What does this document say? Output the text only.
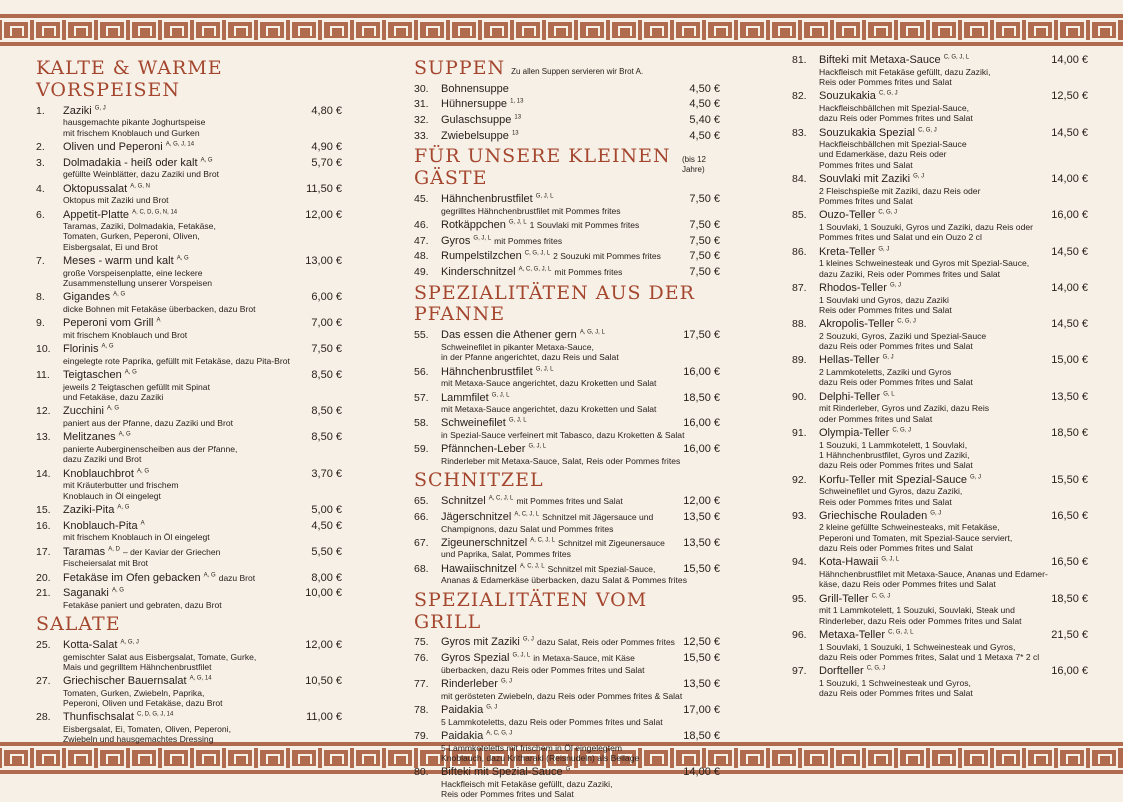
KALTE & WARME VORSPEISEN
1.	Zaziki $^{G, J}$	4,80 €
hausgemachte pikante Joghurtspeise
mit frischem Knoblauch und Gurken
2.	Oliven und Peperoni $^{A, G, J, 14}$	4,90 €
3.	Dolmadakia - heiß oder kalt $^{A, G}$	5,70 €
gefüllte Weinblätter, dazu Zaziki und Brot
4.	Oktopussalat $^{A, G, N}$	11,50 €
Oktopus mit Zaziki und Brot
6.	Appetit-Platte $^{A, C, D, G, N, 14}$	12,00 €
Taramas, Zaziki, Dolmadakia, Fetakäse,
Tomaten, Gurken, Peperoni, Oliven,
Eisbergsalat, Ei und Brot
7.	Meses - warm und kalt $^{A, G}$	13,00 €
große Vorspeisenplatte, eine leckere
Zusammenstellung unserer Vorspeisen
8.	Gigandes $^{A, G}$	6,00 €
dicke Bohnen mit Fetakäse überbacken, dazu Brot
9.	Peperoni vom Grill $^A$	7,00 €
mit frischem Knoblauch und Brot
10.	Florinis $^{A, G}$	7,50 €
eingelegte rote Paprika, gefüllt mit Fetakäse, dazu Pita-Brot
11.	Teigtaschen $^{A, G}$	8,50 €
jeweils 2 Teigtaschen gefüllt mit Spinat
und Fetakäse, dazu Zaziki
12.	Zucchini $^{A, G}$	8,50 €
paniert aus der Pfanne, dazu Zaziki und Brot
13.	Melitzanes $^{A, G}$	8,50 €
panierte Auberginenscheiben aus der Pfanne,
dazu Zaziki und Brot
14.	Knoblauchbrot $^{A, G}$	3,70 €
mit Kräuterbutter und frischem
Knoblauch in Öl eingelegt
15.	Zaziki-Pita $^{A, G}$	5,00 €
16.	Knoblauch-Pita $^A$	4,50 €
mit frischem Knoblauch in Öl eingelegt
17.	Taramas $^{A, D}$ – der Kaviar der Griechen	5,50 €
Fischeiersalat mit Brot
20.	Fetakäse im Ofen gebacken $^{A, G}$ dazu Brot	8,00 €
21.	Saganaki $^{A, G}$	10,00 €
Fetakäse paniert und gebraten, dazu Brot
SALATE
25.	Kotta-Salat $^{A, G, J}$	12,00 €
gemischter Salat aus Eisbergsalat, Tomate, Gurke,
Mais und gegrilltem Hähnchenbrustfilet
27.	Griechischer Bauernsalat $^{A, G, 14}$	10,50 €
Tomaten, Gurken, Zwiebeln, Paprika,
Peperoni, Oliven und Fetakäse, dazu Brot
28.	Thunfischsalat $^{C, D, G, J, 14}$	11,00 €
Eisbergsalat, Ei, Tomaten, Oliven, Peperoni,
Zwiebeln und hausgemachtes Dressing
SUPPEN Zu allen Suppen servieren wir Brot A.
30.	Bohnensuppe	4,50 €
31.	Hühnersuppe $^{1, 13}$	4,50 €
32.	Gulaschsuppe $^{13}$	5,40 €
33.	Zwiebelsuppe $^{13}$	4,50 €
FÜR UNSERE KLEINEN GÄSTE
(bis 12 Jahre)
45.	Hähnchenbrustfilet $^{G, J, L}$	7,50 €
gegrilltes Hähnchenbrustfilet mit Pommes frites
46.	Rotkäppchen $^{G, J, L}$ 1 Souvlaki mit Pommes frites	7,50 €
47.	Gyros $^{G, J, L}$ mit Pommes frites	7,50 €
48.	Rumpelstilzchen $^{C, G, J, L}$ 2 Souzuki mit Pommes frites	7,50 €
49.	Kinderschnitzel $^{A, C, G, J, L}$ mit Pommes frites	7,50 €
SPEZIALITÄTEN AUS DER PFANNE
55.	Das essen die Athener gern $^{A, G, J, L}$	17,50 €
Schweinefilet in pikanter Metaxa-Sauce,
in der Pfanne angerichtet, dazu Reis und Salat
56.	Hähnchenbrustfilet $^{G, J, L}$	16,00 €
mit Metaxa-Sauce angerichtet, dazu Kroketten und Salat
57.	Lammfilet $^{G, J, L}$	18,50 €
mit Metaxa-Sauce angerichtet, dazu Kroketten und Salat
58.	Schweinefilet $^{G, J, L}$	16,00 €
in Spezial-Sauce verfeinert mit Tabasco, dazu Kroketten & Salat
59.	Pfännchen-Leber $^{G, J, L}$	16,00 €
Rinderleber mit Metaxa-Sauce, Salat, Reis oder Pommes frites
SCHNITZEL
65.	Schnitzel $^{A, C, J, L}$ mit Pommes frites und Salat	12,00 €
66.	Jägerschnitzel $^{A, C, J, L}$ Schnitzel mit Jägersauce und	13,50 €
Champignons, dazu Salat und Pommes frites
67.	Zigeunerschnitzel $^{A, C, J, L}$ Schnitzel mit Zigeunersauce	13,50 €
und Paprika, Salat, Pommes frites
68.	Hawaiischnitzel $^{A, C, J, L}$ Schnitzel mit Spezial-Sauce,	15,50 €
Ananas & Edamerkäse überbacken, dazu Salat & Pommes frites
SPEZIALITÄTEN VOM GRILL
75.	Gyros mit Zaziki $^{G, J}$ dazu Salat, Reis oder Pommes frites 12,50 €
76.	Gyros Spezial $^{G, J, L}$ in Metaxa-Sauce, mit Käse	15,50 €
überbacken, dazu Reis oder Pommes frites und Salat
77.	Rinderleber $^{G, J}$	13,50 €
mit gerösteten Zwiebeln, dazu Reis oder Pommes frites & Salat
78.	Paidakia $^{G, J}$	17,00 €
5 Lammkoteletts, dazu Reis oder Pommes frites und Salat
79.	Paidakia $^{A, C, G, J}$	18,50 €
5 Lammkoteletts mit frischem in Öl eingelegtem
Knoblauch, dazu Kritharaki (Reisnudeln) als Beilage
80.	Bifteki mit Spezial-Sauce $^G$	14,00 €
Hackfleisch mit Fetakäse gefüllt, dazu Zaziki,
Reis oder Pommes frites und Salat
81.	Bifteki mit Metaxa-Sauce $^{C, G, J, L}$	14,00 €
Hackfleisch mit Fetakäse gefüllt, dazu Zaziki,
Reis oder Pommes frites und Salat
82.	Souzukakia $^{C, G, J}$	12,50 €
Hackfleischbällchen mit Spezial-Sauce,
dazu Reis oder Pommes frites und Salat
83.	Souzukakia Spezial $^{C, G, J}$	14,50 €
Hackfleischbällchen mit Spezial-Sauce
und Edamerkäse, dazu Reis oder
Pommes frites und Salat
84.	Souvlaki mit Zaziki $^{G, J}$	14,00 €
2 Fleischspieße mit Zaziki, dazu Reis oder
Pommes frites und Salat
85.	Ouzo-Teller $^{C, G, J}$	16,00 €
1 Souvlaki, 1 Souzuki, Gyros und Zaziki, dazu Reis oder
Pommes frites und Salat und ein Ouzo 2 cl
86.	Kreta-Teller $^{G, J}$	14,50 €
1 kleines Schweinesteak und Gyros mit Spezial-Sauce,
dazu Zaziki, Reis oder Pommes frites und Salat
87.	Rhodos-Teller $^{G, J}$	14,00 €
1 Souvlaki und Gyros, dazu Zaziki
Reis oder Pommes frites und Salat
88.	Akropolis-Teller $^{C, G, J}$	14,50 €
2 Souzuki, Gyros, Zaziki und Spezial-Sauce
dazu Reis oder Pommes frites und Salat
89.	Hellas-Teller $^{G, J}$	15,00 €
2 Lammkoteletts, Zaziki und Gyros
dazu Reis oder Pommes frites und Salat
90.	Delphi-Teller $^{G, L}$	13,50 €
mit Rinderleber, Gyros und Zaziki, dazu Reis
oder Pommes frites und Salat
91.	Olympia-Teller $^{C, G, J}$	18,50 €
1 Souzuki, 1 Lammkotelett, 1 Souvlaki,
1 Hähnchenbrustfilet, Gyros und Zaziki,
dazu Reis oder Pommes frites und Salat
92.	Korfu-Teller mit Spezial-Sauce $^{G, J}$	15,50 €
Schweinefilet und Gyros, dazu Zaziki,
Reis oder Pommes frites und Salat
93.	Griechische Rouladen $^{G, J}$	16,50 €
2 kleine gefüllte Schweinesteaks, mit Fetakäse,
Peperoni und Tomaten, mit Spezial-Sauce serviert,
dazu Reis oder Pommes frites und Salat
94.	Kota-Hawaii $^{G, J, L}$	16,50 €
Hähnchenbrustfilet mit Metaxa-Sauce, Ananas und Edamer-
käse, dazu Reis oder Pommes frites und Salat
95.	Grill-Teller $^{C, G, J}$	18,50 €
mit 1 Lammkotelett, 1 Souzuki, Souvlaki, Steak und
Rinderleber, dazu Reis oder Pommes frites und Salat
96.	Metaxa-Teller $^{C, G, J, L}$	21,50 €
1 Souvlaki, 1 Souzuki, 1 Schweinesteak und Gyros,
dazu Reis oder Pommes frites, Salat und 1 Metaxa 7* 2 cl
97.	Dorfteller $^{C, G, J}$	16,00 €
1 Souzuki, 1 Schweinesteak und Gyros,
dazu Reis oder Pommes frites und Salat
